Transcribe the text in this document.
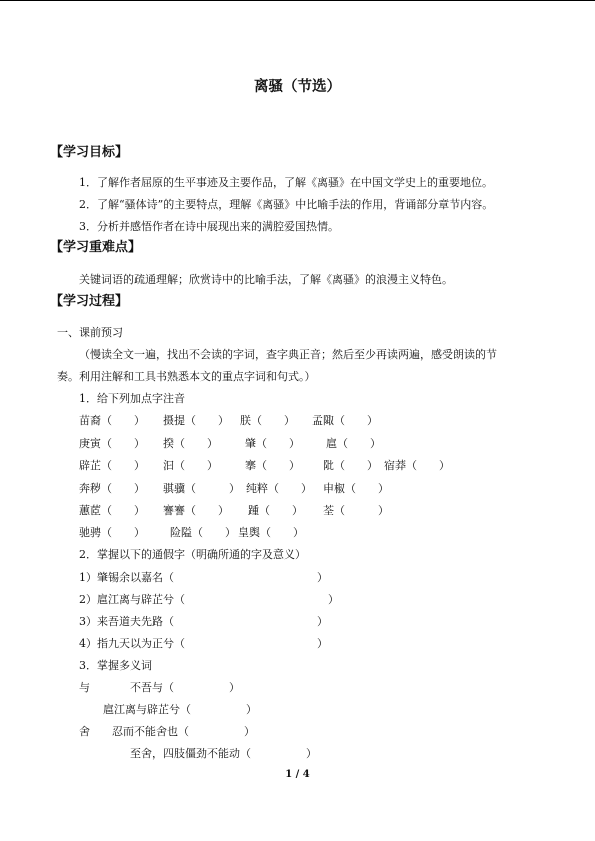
离骚（节选）
【学习目标】
1．了解作者屈原的生平事迹及主要作品，了解《离骚》在中国文学史上的重要地位。
2．了解“骚体诗”的主要特点，理解《离骚》中比喻手法的作用，背诵部分章节内容。
3．分析并感悟作者在诗中展现出来的满腔爱国热情。
【学习重难点】
关键词语的疏通理解；欣赏诗中的比喻手法，了解《离骚》的浪漫主义特色。
【学习过程】
一、课前预习
（慢读全文一遍，找出不会读的字词，查字典正音；然后至少再读两遍，感受朗读的节
奏。利用注解和工具书熟悉本文的重点字词和句式。）
1．给下列加点字注音
苗裔（　　） 摄提（　　） 朕（　　） 孟陬（　　）
庚寅（　　） 揆（　　） 肇（　　） 扈（　　）
辟芷（　　） 汩（　　） 搴（　　） 阰（　　） 宿莽（　　）
奔秽（　　） 骐骥（　　　） 纯粹（　　） 申椒（　　）
蕙茝（　　） 謇謇（　　） 踵（　　） 荃（　　　）
驰骋（　　） 险隘（　　） 皇舆（　　）
2．掌握以下的通假字（明确所通的字及意义）
1）肇锡余以嘉名（　　　　　　　　　　　　　）
2）扈江离与辟芷兮（　　　　　　　　　　　　　）
3）来吾道夫先路（　　　　　　　　　　　　　）
4）指九天以为正兮（　　　　　　　　　　　　）
3．掌握多义词
与	不吾与（　　　　　）
扈江离与辟芷兮（　　　　　）
舍 忍而不能舍也（　　　　　）
至舍，四肢僵劲不能动（　　　　　）
1 / 4
